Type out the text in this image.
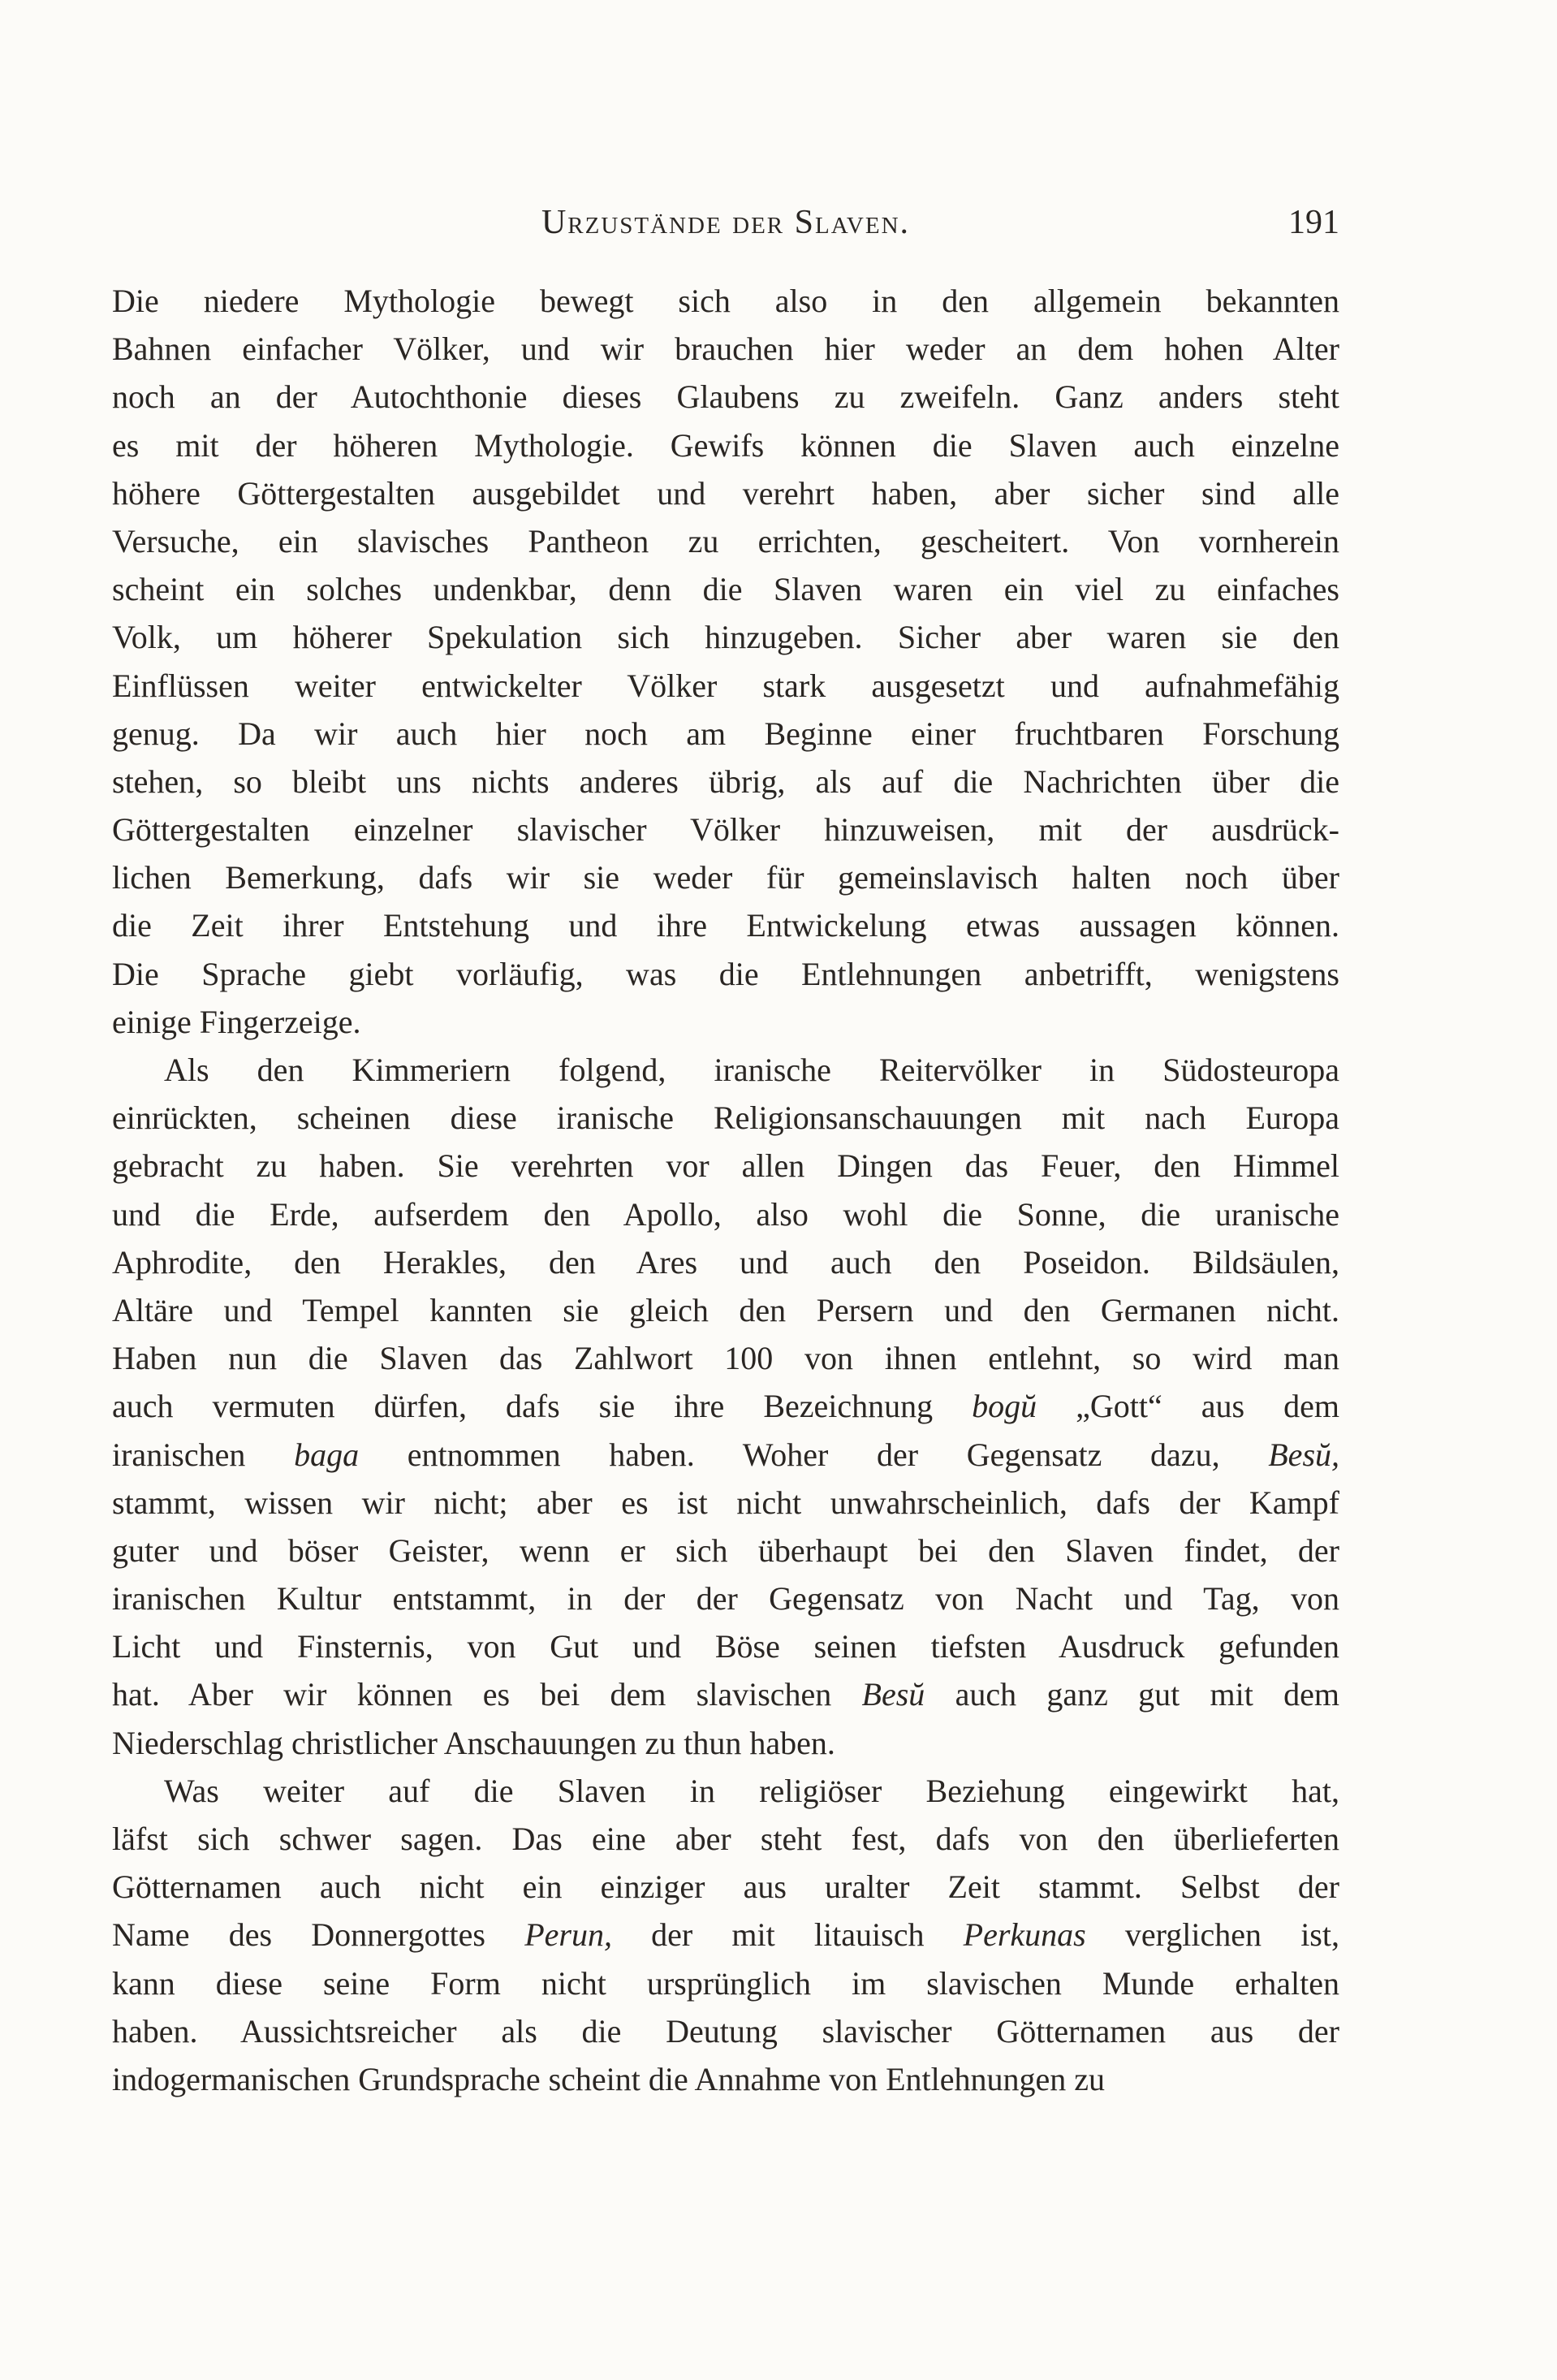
Urzustände der Slaven.	191
Die niedere Mythologie bewegt sich also in den allgemein bekannten
Bahnen einfacher Völker, und wir brauchen hier weder an dem hohen Alter
noch an der Autochthonie dieses Glaubens zu zweifeln. Ganz anders steht
es mit der höheren Mythologie. Gewifs können die Slaven auch einzelne
höhere Göttergestalten ausgebildet und verehrt haben, aber sicher sind alle
Versuche, ein slavisches Pantheon zu errichten, gescheitert. Von vornherein
scheint ein solches undenkbar, denn die Slaven waren ein viel zu einfaches
Volk, um höherer Spekulation sich hinzugeben. Sicher aber waren sie den
Einflüssen weiter entwickelter Völker stark ausgesetzt und aufnahmefähig
genug. Da wir auch hier noch am Beginne einer fruchtbaren Forschung
stehen, so bleibt uns nichts anderes übrig, als auf die Nachrichten über die
Göttergestalten einzelner slavischer Völker hinzuweisen, mit der ausdrück-
lichen Bemerkung, dafs wir sie weder für gemeinslavisch halten noch über
die Zeit ihrer Entstehung und ihre Entwickelung etwas aussagen können.
Die Sprache giebt vorläufig, was die Entlehnungen anbetrifft, wenigstens
einige Fingerzeige.
Als den Kimmeriern folgend, iranische Reitervölker in Südosteuropa
einrückten, scheinen diese iranische Religionsanschauungen mit nach Europa
gebracht zu haben. Sie verehrten vor allen Dingen das Feuer, den Himmel
und die Erde, aufserdem den Apollo, also wohl die Sonne, die uranische
Aphrodite, den Herakles, den Ares und auch den Poseidon. Bildsäulen,
Altäre und Tempel kannten sie gleich den Persern und den Germanen nicht.
Haben nun die Slaven das Zahlwort 100 von ihnen entlehnt, so wird man
auch vermuten dürfen, dafs sie ihre Bezeichnung bogŭ „Gott“ aus dem
iranischen baga entnommen haben. Woher der Gegensatz dazu, Besŭ,
stammt, wissen wir nicht; aber es ist nicht unwahrscheinlich, dafs der Kampf
guter und böser Geister, wenn er sich überhaupt bei den Slaven findet, der
iranischen Kultur entstammt, in der der Gegensatz von Nacht und Tag, von
Licht und Finsternis, von Gut und Böse seinen tiefsten Ausdruck gefunden
hat. Aber wir können es bei dem slavischen Besŭ auch ganz gut mit dem
Niederschlag christlicher Anschauungen zu thun haben.
Was weiter auf die Slaven in religiöser Beziehung eingewirkt hat,
läfst sich schwer sagen. Das eine aber steht fest, dafs von den überlieferten
Götternamen auch nicht ein einziger aus uralter Zeit stammt. Selbst der
Name des Donnergottes Perun, der mit litauisch Perkunas verglichen ist,
kann diese seine Form nicht ursprünglich im slavischen Munde erhalten
haben. Aussichtsreicher als die Deutung slavischer Götternamen aus der
indogermanischen Grundsprache scheint die Annahme von Entlehnungen zu
